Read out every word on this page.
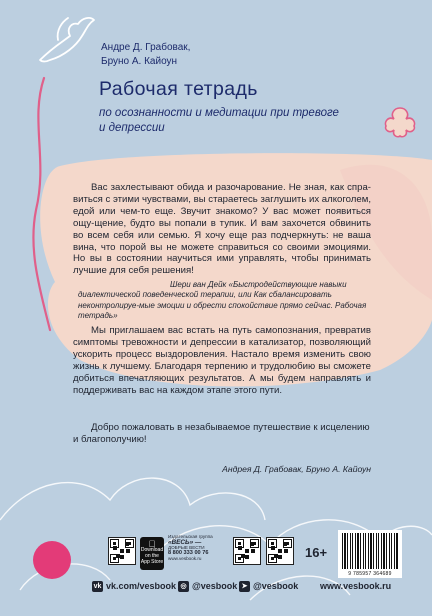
Андре Д. Грабовак,
Бруно А. Кайоун
Рабочая тетрадь
по осознанности и медитации при тревоге и депрессии

Вас захлестывают обида и разочарование. Не зная, как спра-виться с этими чувствами, вы стараетесь заглушить их алкоголем, едой или чем-то еще. Звучит знакомо? У вас может появиться ощу-щение, будто вы попали в тупик. И вам захочется обвинить во всем себя или семью. Я хочу еще раз подчеркнуть: не ваша вина, что порой вы не можете справиться со своими эмоциями. Но вы в состоянии научиться ими управлять, чтобы принимать лучшие для себя решения!

Шери ван Дейк «Быстродействующие навыки диалектической поведенческой терапии, или Как сбалансировать неконтролируе-мые эмоции и обрести спокойствие прямо сейчас. Рабочая тетрадь»

Мы приглашаем вас встать на путь самопознания, превратив симптомы тревожности и депрессии в катализатор, позволяющий ускорить процесс выздоровления. Настало время изменить свою жизнь к лучшему. Благодаря терпению и трудолюбию вы сможете добиться впечатляющих результатов. А мы будем направлять и поддерживать вас на каждом этапе этого пути.

Добро пожаловать в незабываемое путешествие к исцелению и благополучию!

Андрея Д. Грабовак, Бруно А. Кайоун
Download on the
App Store
Издательская группа
«ВЕСЬ» —
ДОБРЫЕ ВЕСТИ
8 800 333 00 76
www.vesbook.ru	16+
9 785957 364689
vk vk.com/vesbook ◎ @vesbook ➤ @vesbook www.vesbook.ru
